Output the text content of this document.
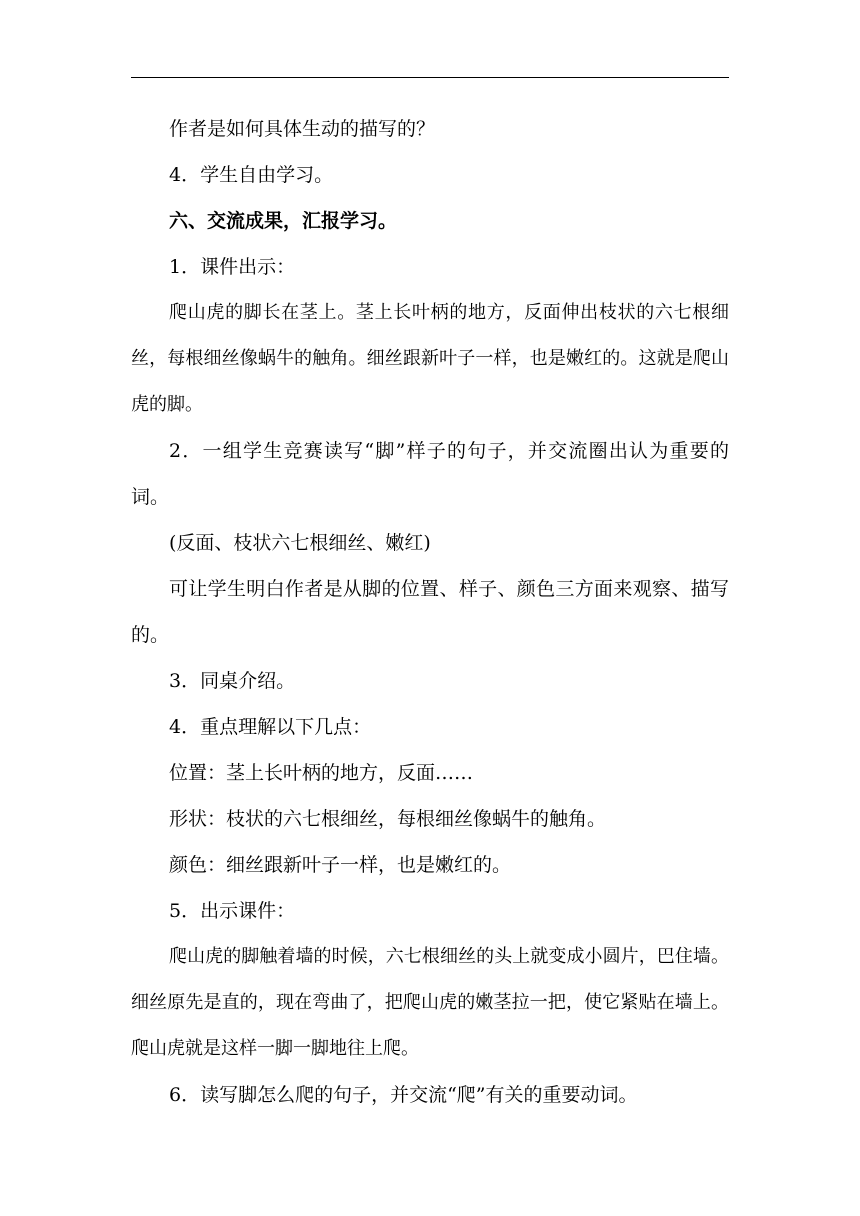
作者是如何具体生动的描写的？

4．学生自由学习。

六、交流成果，汇报学习。

1．课件出示：

爬山虎的脚长在茎上。茎上长叶柄的地方，反面伸出枝状的六七根细丝，每根细丝像蜗牛的触角。细丝跟新叶子一样，也是嫩红的。这就是爬山虎的脚。

2．一组学生竞赛读写“脚”样子的句子，并交流圈出认为重要的词。

(反面、枝状六七根细丝、嫩红)

可让学生明白作者是从脚的位置、样子、颜色三方面来观察、描写的。

3．同桌介绍。

4．重点理解以下几点：

位置：茎上长叶柄的地方，反面……

形状：枝状的六七根细丝，每根细丝像蜗牛的触角。

颜色：细丝跟新叶子一样，也是嫩红的。

5．出示课件：

爬山虎的脚触着墙的时候，六七根细丝的头上就变成小圆片，巴住墙。细丝原先是直的，现在弯曲了，把爬山虎的嫩茎拉一把，使它紧贴在墙上。爬山虎就是这样一脚一脚地往上爬。

6．读写脚怎么爬的句子，并交流“爬”有关的重要动词。
